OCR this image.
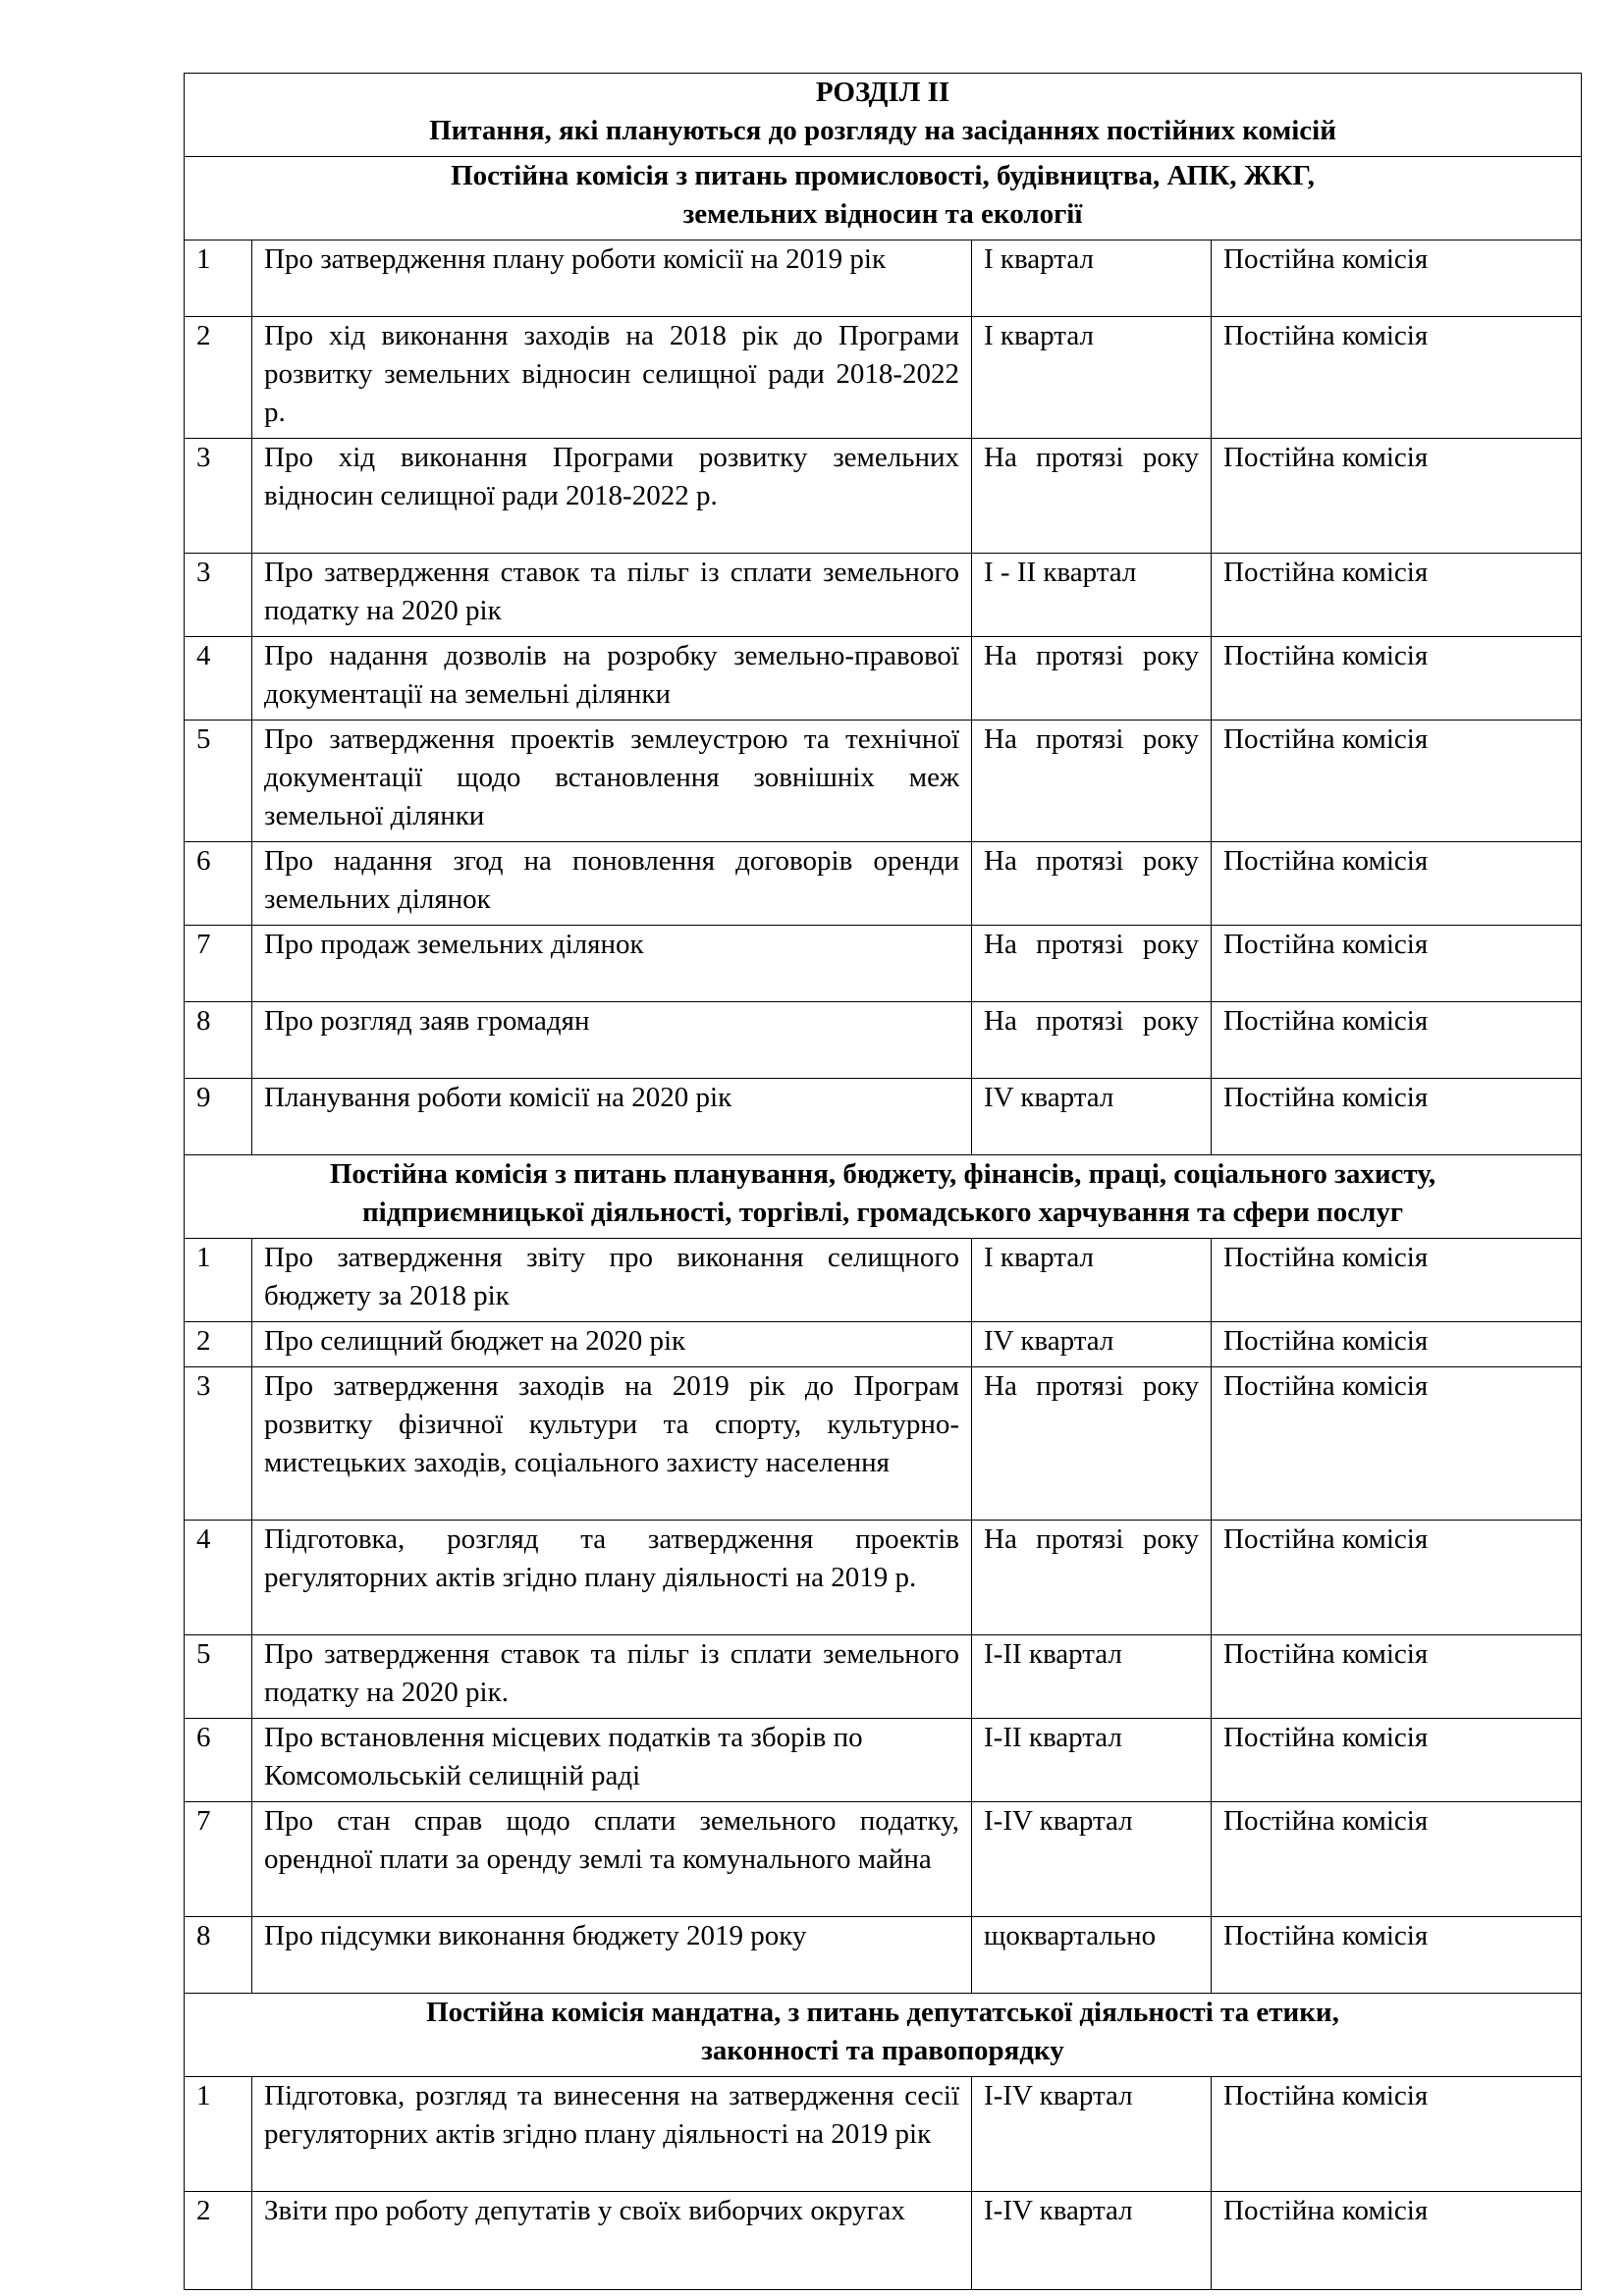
РОЗДІЛ ІІ
Питання, які плануються до розгляду на засіданнях постійних комісій			

Постійна комісія з питань промисловості, будівництва, АПК, ЖКГ,
земельних відносин та екології			

1	Про затвердження плану роботи комісії на 2019 рік	І квартал	Постійна комісія
2	Про хід виконання заходів на 2018 рік до Програми розвитку земельних відносин селищної ради 2018-2022 р.	І квартал	Постійна комісія
3	Про хід виконання Програми розвитку земельних відносин селищної ради 2018-2022 р.	На протязі року	Постійна комісія
3	Про затвердження ставок та пільг із сплати земельного податку на 2020 рік	І - ІІ квартал	Постійна комісія
4	Про надання дозволів на розробку земельно-правової документації на земельні ділянки	На протязі року	Постійна комісія
5	Про затвердження проектів землеустрою та технічної документації щодо встановлення зовнішніх меж земельної ділянки	На протязі року	Постійна комісія
6	Про надання згод на поновлення договорів оренди земельних ділянок	На протязі року	Постійна комісія
7	Про продаж земельних ділянок	На протязі року	Постійна комісія
8	Про розгляд заяв громадян	На протязі року	Постійна комісія
9	Планування роботи комісії на 2020 рік	IV квартал	Постійна комісія

Постійна комісія з питань планування, бюджету, фінансів, праці, соціального захисту,
підприємницької діяльності, торгівлі, громадського харчування та сфери послуг			

1	Про затвердження звіту про виконання селищного бюджету за 2018 рік	І квартал	Постійна комісія
2	Про селищний бюджет на 2020 рік	IV квартал	Постійна комісія
3	Про затвердження заходів на 2019 рік до Програм розвитку фізичної культури та спорту, культурно-мистецьких заходів, соціального захисту населення	На протязі року	Постійна комісія
4	Підготовка, розгляд та затвердження проектів регуляторних актів згідно плану діяльності на 2019 р.	На протязі року	Постійна комісія
5	Про затвердження ставок та пільг із сплати земельного податку на 2020 рік.	І-ІІ квартал	Постійна комісія
6	Про встановлення місцевих податків та зборів по Комсомольській селищній раді	І-ІІ квартал	Постійна комісія
7	Про стан справ щодо сплати земельного податку, орендної плати за оренду землі та комунального майна	І-IV квартал	Постійна комісія
8	Про підсумки виконання бюджету 2019 року	щоквартально	Постійна комісія

Постійна комісія мандатна, з питань депутатської діяльності та етики,
законності та правопорядку			

1	Підготовка, розгляд та винесення на затвердження сесії регуляторних актів згідно плану діяльності на 2019 рік	І-IV квартал	Постійна комісія
2	Звіти про роботу депутатів у своїх виборчих округах	І-IV квартал	Постійна комісія
